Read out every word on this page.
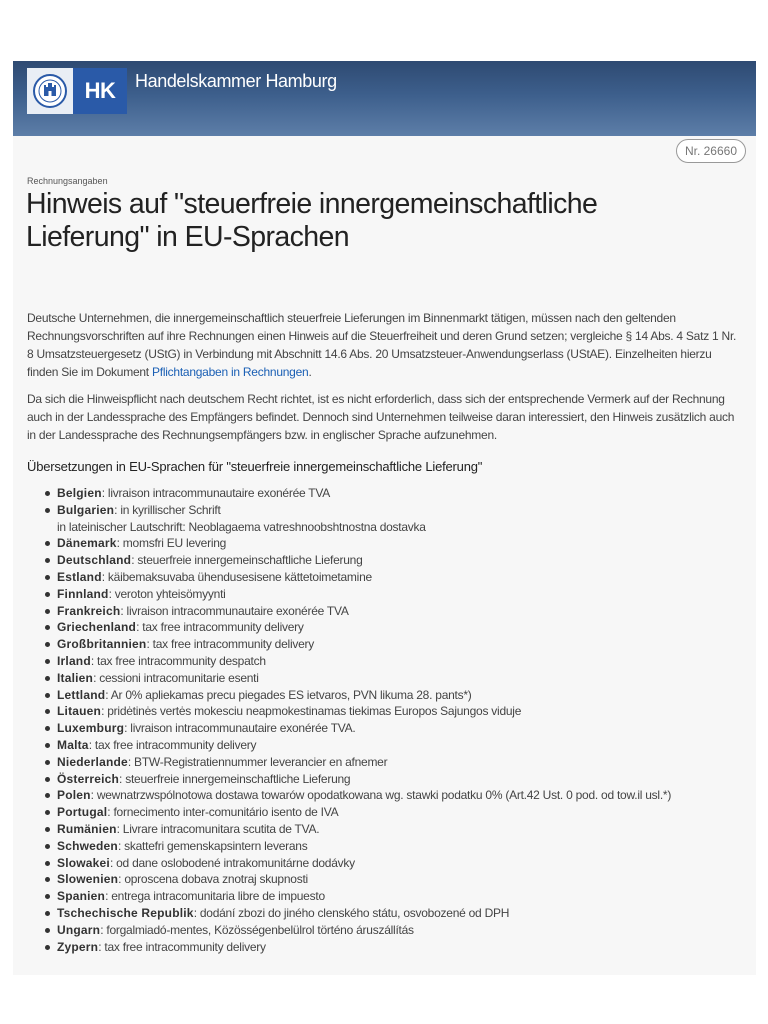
HK	Handelskammer Hamburg
Nr. 26660
Rechnungsangaben
Hinweis auf "steuerfreie innergemeinschaftliche Lieferung" in EU-Sprachen

Deutsche Unternehmen, die innergemeinschaftlich steuerfreie Lieferungen im Binnenmarkt tätigen, müssen nach den geltenden Rechnungsvorschriften auf ihre Rechnungen einen Hinweis auf die Steuerfreiheit und deren Grund setzen; vergleiche § 14 Abs. 4 Satz 1 Nr. 8 Umsatzsteuergesetz (UStG) in Verbindung mit Abschnitt 14.6 Abs. 20 Umsatzsteuer-Anwendungserlass (UStAE). Einzelheiten hierzu finden Sie im Dokument Pflichtangaben in Rechnungen.

Da sich die Hinweispflicht nach deutschem Recht richtet, ist es nicht erforderlich, dass sich der entsprechende Vermerk auf der Rechnung auch in der Landessprache des Empfängers befindet. Dennoch sind Unternehmen teilweise daran interessiert, den Hinweis zusätzlich auch in der Landessprache des Rechnungsempfängers bzw. in englischer Sprache aufzunehmen.

Übersetzungen in EU-Sprachen für "steuerfreie innergemeinschaftliche Lieferung"
Belgien: livraison intracommunautaire exonérée TVA
Bulgarien: in kyrillischer Schrift
in lateinischer Lautschrift: Neoblagaema vatreshnoobshtnostna dostavka
Dänemark: momsfri EU levering
Deutschland: steuerfreie innergemeinschaftliche Lieferung
Estland: käibemaksuvaba ühendusesisene kättetoimetamine
Finnland: veroton yhteisömyynti
Frankreich: livraison intracommunautaire exonérée TVA
Griechenland: tax free intracommunity delivery
Großbritannien: tax free intracommunity delivery
Irland: tax free intracommunity despatch
Italien: cessioni intracomunitarie esenti
Lettland: Ar 0% apliekamas precu piegades ES ietvaros, PVN likuma 28. pants*)
Litauen: pridėtinės vertės mokesciu neapmokestinamas tiekimas Europos Sajungos viduje
Luxemburg: livraison intracommunautaire exonérée TVA.
Malta: tax free intracommunity delivery
Niederlande: BTW-Registratiennummer leverancier en afnemer
Österreich: steuerfreie innergemeinschaftliche Lieferung
Polen: wewnatrzwspólnotowa dostawa towarów opodatkowana wg. stawki podatku 0% (Art.42 Ust. 0 pod. od tow.il usl.*)
Portugal: fornecimento inter-comunitário isento de IVA
Rumänien: Livrare intracomunitara scutita de TVA.
Schweden: skattefri gemenskapsintern leverans
Slowakei: od dane oslobodené intrakomunitárne dodávky
Slowenien: oproscena dobava znotraj skupnosti
Spanien: entrega intracomunitaria libre de impuesto
Tschechische Republik: dodání zbozi do jiného clenského státu, osvobozené od DPH
Ungarn: forgalmiadó-mentes, Közösségenbelülrol történo áruszállítás
Zypern: tax free intracommunity delivery
